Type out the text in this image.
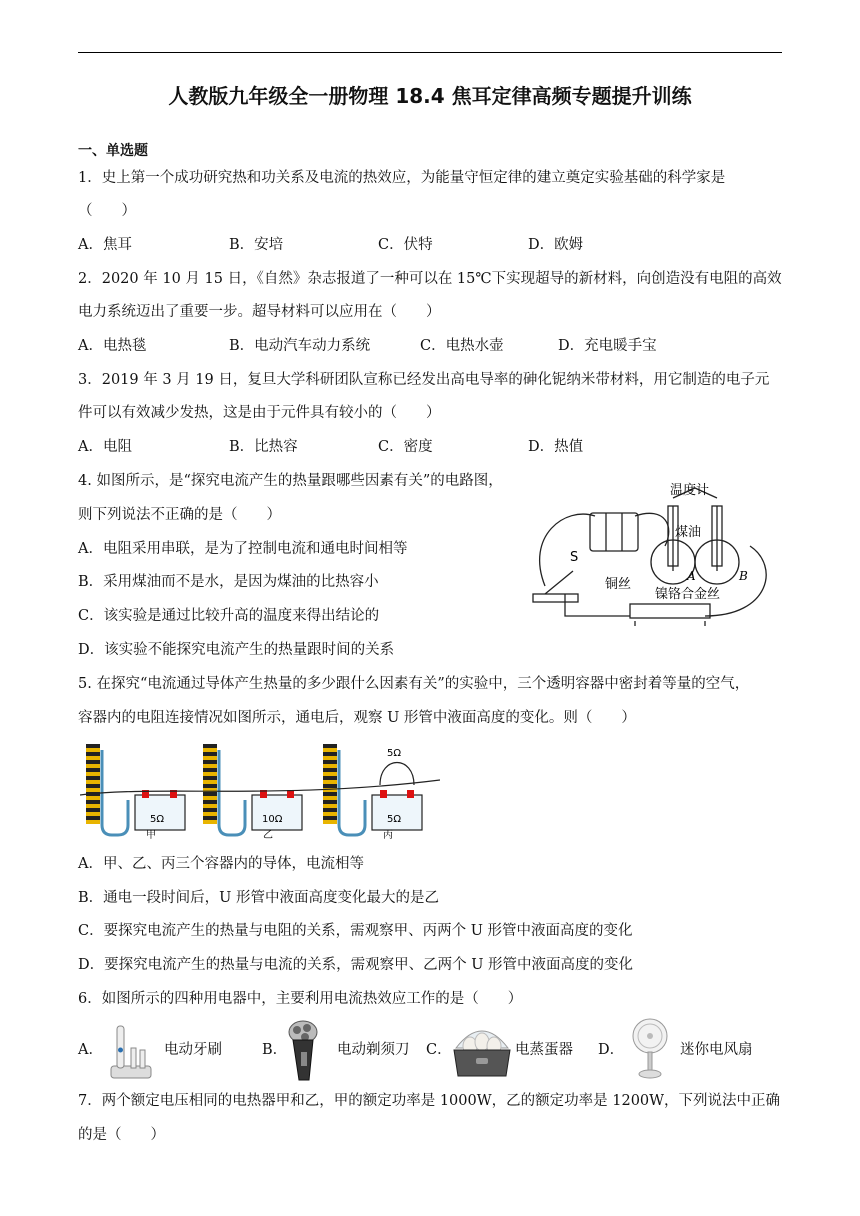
人教版九年级全一册物理 18.4 焦耳定律高频专题提升训练
一、单选题
1．史上第一个成功研究热和功关系及电流的热效应，为能量守恒定律的建立奠定实验基础的科学家是
（　　）
A．焦耳	B．安培	C．伏特	D．欧姆
2．2020 年 10 月 15 日，《自然》杂志报道了一种可以在 15℃下实现超导的新材料，向创造没有电阻的高效
电力系统迈出了重要一步。超导材料可以应用在（　　）
A．电热毯	B．电动汽车动力系统	C．电热水壶	D．充电暖手宝
3．2019 年 3 月 19 日，复旦大学科研团队宣称已经发出高电导率的砷化铌纳米带材料，用它制造的电子元
件可以有效减少发热，这是由于元件具有较小的（　　）
A．电阻	B．比热容	C．密度	D．热值
4. 如图所示，是“探究电流产生的热量跟哪些因素有关”的电路图，
则下列说法不正确的是（　　）
A．电阻采用串联，是为了控制电流和通电时间相等
B．采用煤油而不是水，是因为煤油的比热容小
C．该实验是通过比较升高的温度来得出结论的
D．该实验不能探究电流产生的热量跟时间的关系
温度计
煤油
铜丝
镍铬合金丝
S
A	B
5. 在探究“电流通过导体产生热量的多少跟什么因素有关”的实验中，三个透明容器中密封着等量的空气，
容器内的电阻连接情况如图所示，通电后，观察 U 形管中液面高度的变化。则（　　）
5Ω	10Ω	5Ω
5Ω
甲	乙	丙
A．甲、乙、丙三个容器内的导体，电流相等
B．通电一段时间后，U 形管中液面高度变化最大的是乙
C．要探究电流产生的热量与电阻的关系，需观察甲、丙两个 U 形管中液面高度的变化
D．要探究电流产生的热量与电流的关系，需观察甲、乙两个 U 形管中液面高度的变化
6．如图所示的四种用电器中，主要利用电流热效应工作的是（　　）
A．	电动牙刷	B．	电动剃须刀 C．	电蒸蛋器 D．	迷你电风扇
7．两个额定电压相同的电热器甲和乙，甲的额定功率是 1000W，乙的额定功率是 1200W，下列说法中正确
的是（　　）
